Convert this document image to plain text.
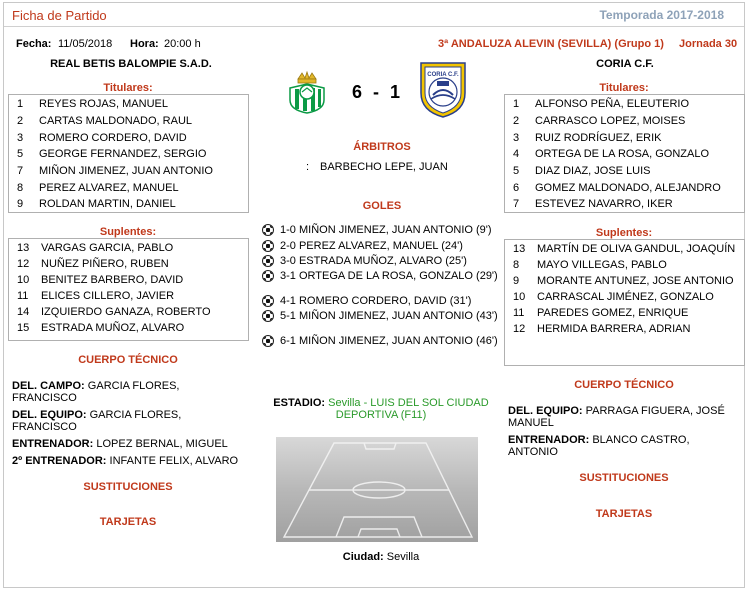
Ficha de Partido	Temporada 2017-2018
Fecha: 11/05/2018 Hora: 20:00 h	3ª ANDALUZA ALEVIN (SEVILLA) (Grupo 1) Jornada 30
REAL BETIS BALOMPIE S.A.D.	CORIA C.F.
6 - 1
CORIA C.F.
Titulares:
1	REYES ROJAS, MANUEL
2	CARTAS MALDONADO, RAUL
3	ROMERO CORDERO, DAVID
5	GEORGE FERNANDEZ, SERGIO
7	MIÑON JIMENEZ, JUAN ANTONIO
8	PEREZ ALVAREZ, MANUEL
9	ROLDAN MARTIN, DANIEL
Suplentes:
13	VARGAS GARCIA, PABLO
12	NUÑEZ PIÑERO, RUBEN
10	BENITEZ BARBERO, DAVID
11	ELICES CILLERO, JAVIER
14	IZQUIERDO GANAZA, ROBERTO
15	ESTRADA MUÑOZ, ALVARO
CUERPO TÉCNICO
DEL. CAMPO: GARCIA FLORES, FRANCISCO
DEL. EQUIPO: GARCIA FLORES, FRANCISCO
ENTRENADOR: LOPEZ BERNAL, MIGUEL
2º ENTRENADOR: INFANTE FELIX, ALVARO
SUSTITUCIONES
TARJETAS
Titulares:
1	ALFONSO PEÑA, ELEUTERIO
2	CARRASCO LOPEZ, MOISES
3	RUIZ RODRÍGUEZ, ERIK
4	ORTEGA DE LA ROSA, GONZALO
5	DIAZ DIAZ, JOSE LUIS
6	GOMEZ MALDONADO, ALEJANDRO
7	ESTEVEZ NAVARRO, IKER
Suplentes:
13	MARTÍN DE OLIVA GANDUL, JOAQUÍN
8	MAYO VILLEGAS, PABLO
9	MORANTE ANTUNEZ, JOSE ANTONIO
10	CARRASCAL JIMÉNEZ, GONZALO
11	PAREDES GOMEZ, ENRIQUE
12	HERMIDA BARRERA, ADRIAN
CUERPO TÉCNICO
DEL. EQUIPO: PARRAGA FIGUERA, JOSÉ MANUEL
ENTRENADOR: BLANCO CASTRO, ANTONIO
SUSTITUCIONES
TARJETAS
ÁRBITROS
: BARBECHO LEPE, JUAN
GOLES
1-0 MIÑON JIMENEZ, JUAN ANTONIO (9')
2-0 PEREZ ALVAREZ, MANUEL (24')
3-0 ESTRADA MUÑOZ, ALVARO (25')
3-1 ORTEGA DE LA ROSA, GONZALO (29')
4-1 ROMERO CORDERO, DAVID (31')
5-1 MIÑON JIMENEZ, JUAN ANTONIO (43')
6-1 MIÑON JIMENEZ, JUAN ANTONIO (46')
ESTADIO: Sevilla - LUIS DEL SOL CIUDAD DEPORTIVA (F11)
Ciudad: Sevilla
